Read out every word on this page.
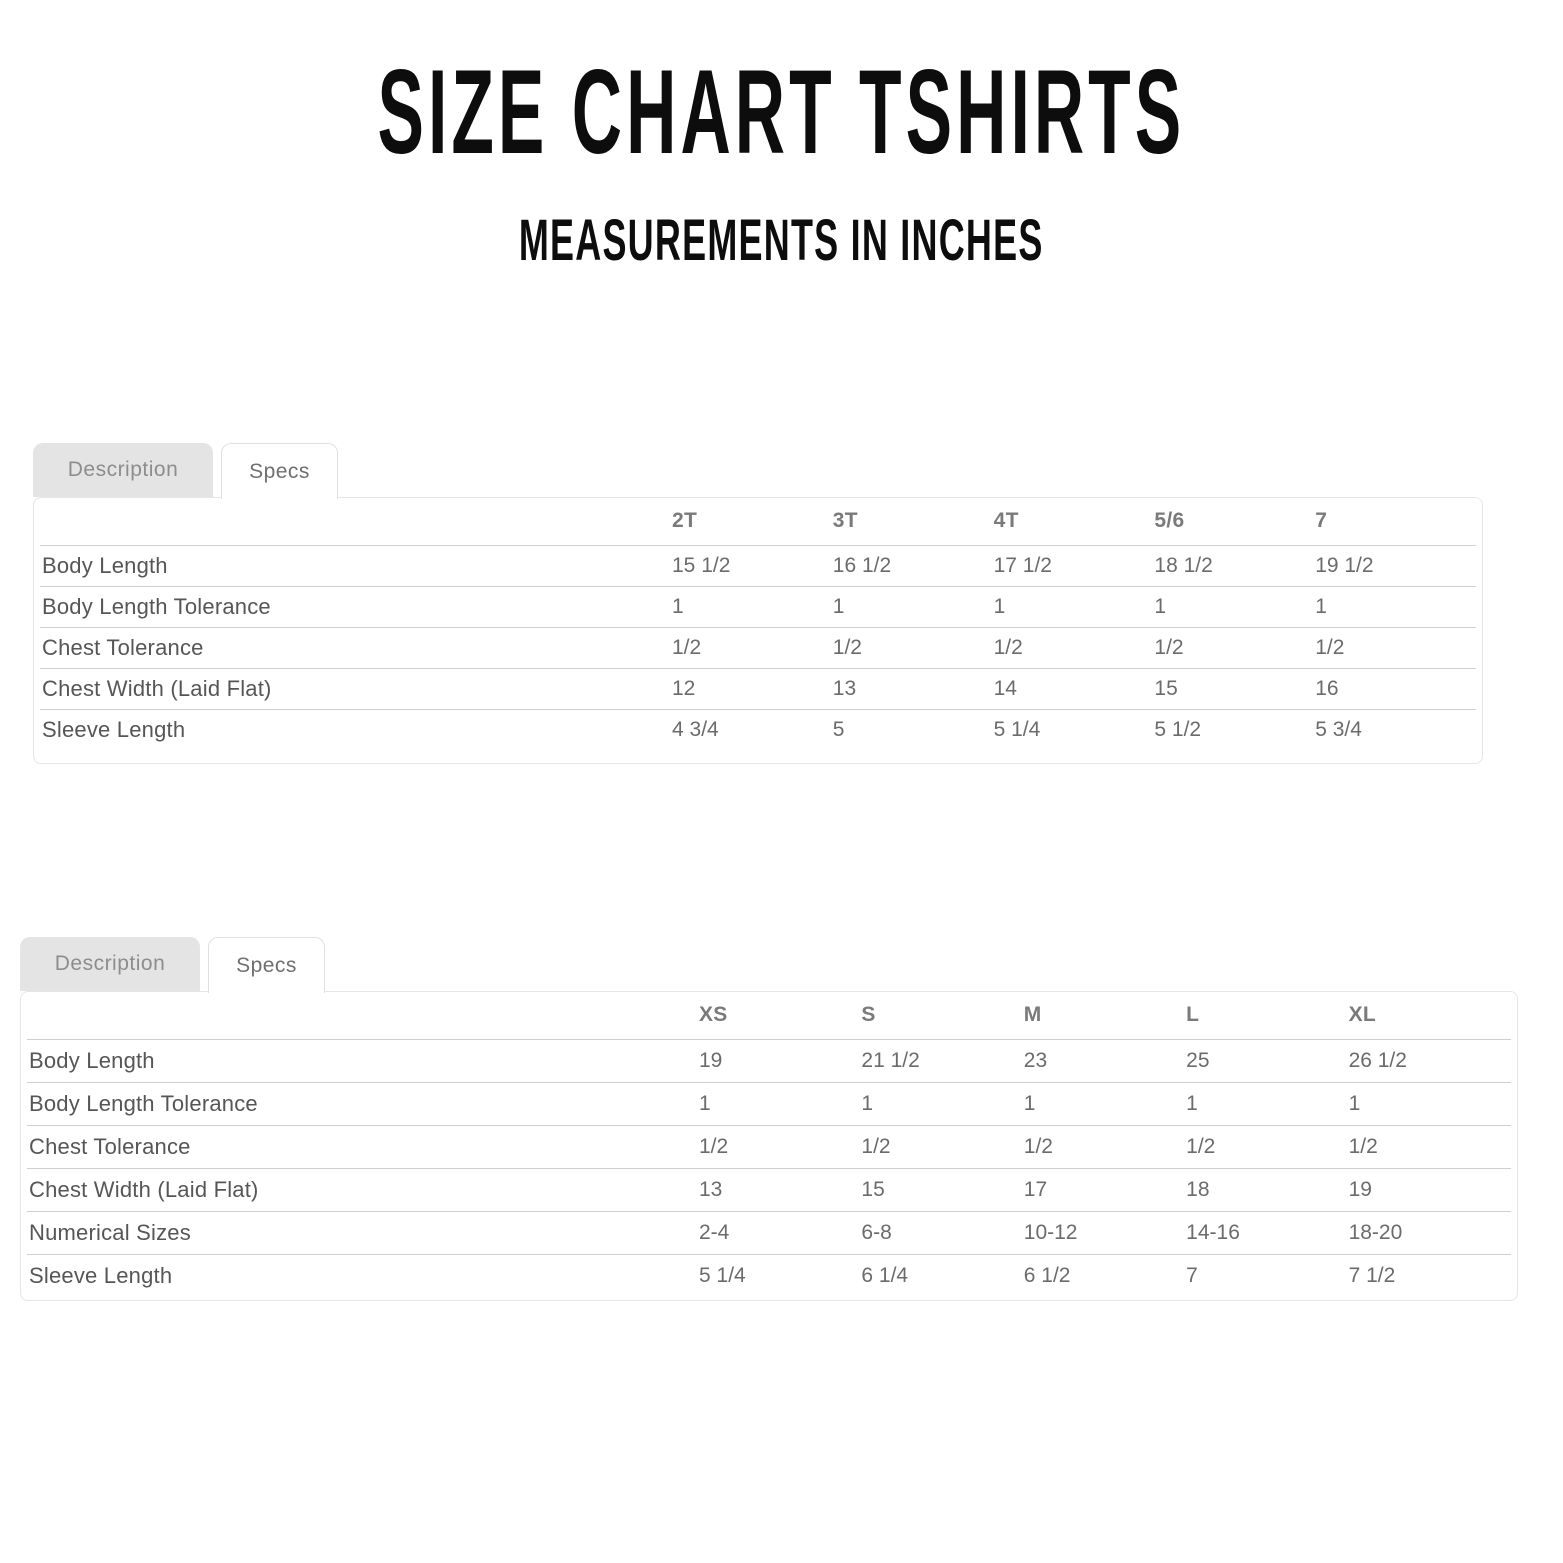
SIZE CHART TSHIRTS
MEASUREMENTS IN INCHES
Description	Specs
	2T	3T	4T	5/6	7
Body Length	15 1/2	16 1/2	17 1/2	18 1/2	19 1/2
Body Length Tolerance	1	1	1	1	1
Chest Tolerance	1/2	1/2	1/2	1/2	1/2
Chest Width (Laid Flat)	12	13	14	15	16
Sleeve Length	4 3/4	5	5 1/4	5 1/2	5 3/4
Description	Specs
	XS	S	M	L	XL
Body Length	19	21 1/2	23	25	26 1/2
Body Length Tolerance	1	1	1	1	1
Chest Tolerance	1/2	1/2	1/2	1/2	1/2
Chest Width (Laid Flat)	13	15	17	18	19
Numerical Sizes	2-4	6-8	10-12	14-16	18-20
Sleeve Length	5 1/4	6 1/4	6 1/2	7	7 1/2
